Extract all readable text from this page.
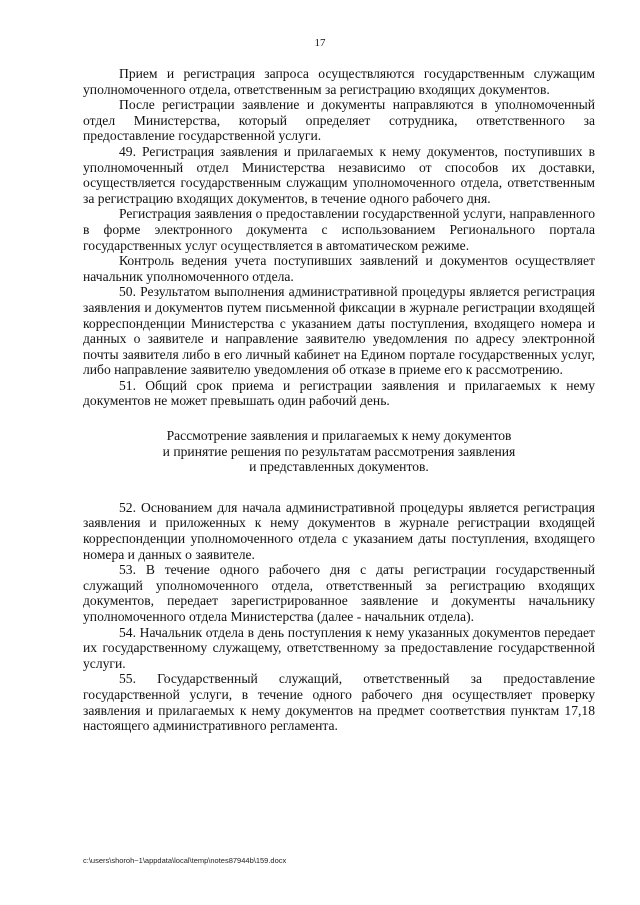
17

Прием и регистрация запроса осуществляются государственным служащим уполномоченного отдела, ответственным за регистрацию входящих документов.

После регистрации заявление и документы направляются в уполномоченный отдел Министерства, который определяет сотрудника, ответственного за предоставление государственной услуги.

49. Регистрация заявления и прилагаемых к нему документов, поступивших в уполномоченный отдел Министерства независимо от способов их доставки, осуществляется государственным служащим уполномоченного отдела, ответственным за регистрацию входящих документов, в течение одного рабочего дня.

Регистрация заявления о предоставлении государственной услуги, направленного в форме электронного документа с использованием Регионального портала государственных услуг осуществляется в автоматическом режиме.

Контроль ведения учета поступивших заявлений и документов осуществляет начальник уполномоченного отдела.

50. Результатом выполнения административной процедуры является регистрация заявления и документов путем письменной фиксации в журнале регистрации входящей корреспонденции Министерства с указанием даты поступления, входящего номера и данных о заявителе и направление заявителю уведомления по адресу электронной почты заявителя либо в его личный кабинет на Едином портале государственных услуг, либо направление заявителю уведомления об отказе в приеме его к рассмотрению.

51. Общий срок приема и регистрации заявления и прилагаемых к нему документов не может превышать один рабочий день.

Рассмотрение заявления и прилагаемых к нему документов
и принятие решения по результатам рассмотрения заявления
и представленных документов.

52. Основанием для начала административной процедуры является регистрация заявления и приложенных к нему документов в журнале регистрации входящей корреспонденции уполномоченного отдела с указанием даты поступления, входящего номера и данных о заявителе.

53. В течение одного рабочего дня с даты регистрации государственный служащий уполномоченного отдела, ответственный за регистрацию входящих документов, передает зарегистрированное заявление и документы начальнику уполномоченного отдела Министерства (далее - начальник отдела).

54. Начальник отдела в день поступления к нему указанных документов передает их государственному служащему, ответственному за предоставление государственной услуги.

55. Государственный служащий, ответственный за предоставление государственной услуги, в течение одного рабочего дня осуществляет проверку заявления и прилагаемых к нему документов на предмет соответствия пунктам 17,18 настоящего административного регламента.

c:\users\shoroh~1\appdata\local\temp\notes87944b\159.docx
